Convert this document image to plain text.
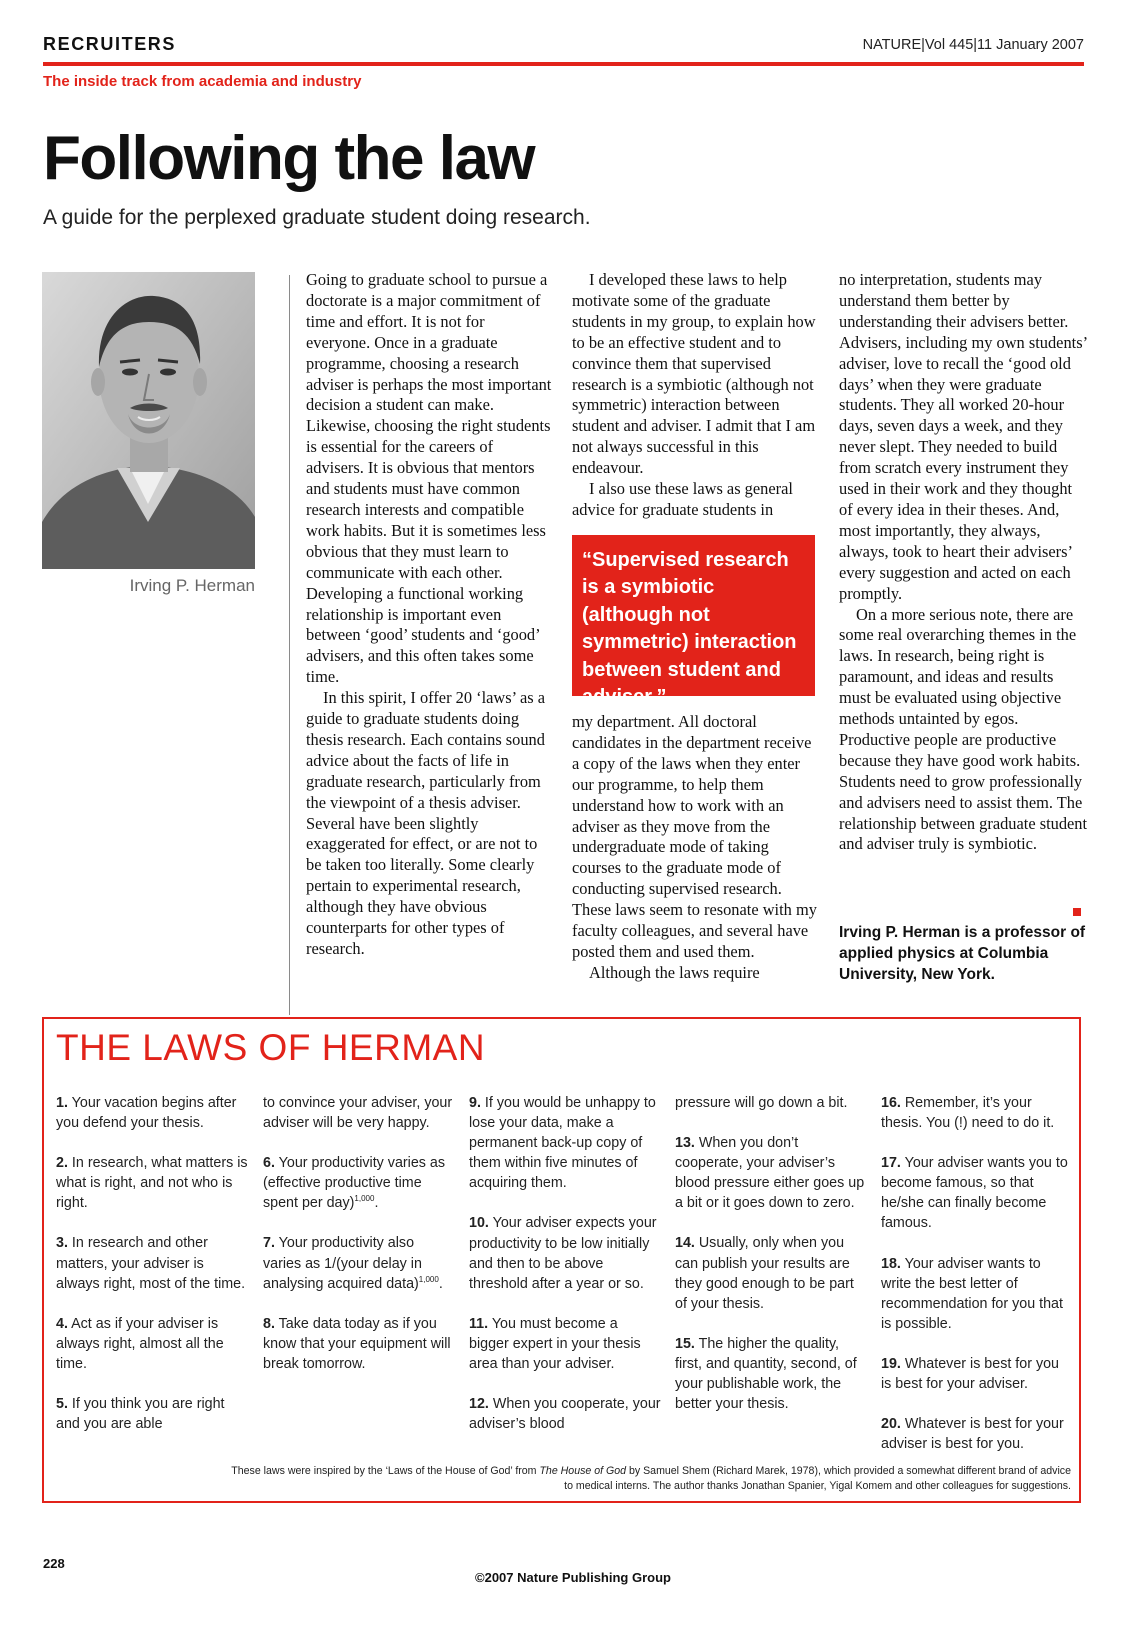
RECRUITERS	NATURE|Vol 445|11 January 2007
The inside track from academia and industry
Following the law
A guide for the perplexed graduate student doing research.
Irving P. Herman

Going to graduate school to pursue a doctorate is a major commitment of time and effort. It is not for everyone. Once in a graduate programme, choosing a research adviser is perhaps the most important decision a student can make. Likewise, choosing the right students is essential for the careers of advisers. It is obvious that mentors and students must have common research interests and compatible work habits. But it is sometimes less obvious that they must learn to communicate with each other. Developing a functional working relationship is important even between ‘good’ students and ‘good’ advisers, and this often takes some time.

In this spirit, I offer 20 ‘laws’ as a guide to graduate students doing thesis research. Each contains sound advice about the facts of life in graduate research, particularly from the viewpoint of a thesis adviser. Several have been slightly exaggerated for effect, or are not to be taken too literally. Some clearly pertain to experimental research, although they have obvious counterparts for other types of research.

I developed these laws to help motivate some of the graduate students in my group, to explain how to be an effective student and to convince them that supervised research is a symbiotic (although not symmetric) interaction between student and adviser. I admit that I am not always successful in this endeavour.

I also use these laws as general advice for graduate students in

“Supervised research is a symbiotic (although not symmetric) interaction between student and adviser.”

my department. All doctoral candidates in the department receive a copy of the laws when they enter our programme, to help them understand how to work with an adviser as they move from the undergraduate mode of taking courses to the graduate mode of conducting supervised research. These laws seem to resonate with my faculty colleagues, and several have posted them and used them.

Although the laws require

no interpretation, students may understand them better by understanding their advisers better. Advisers, including my own students’ adviser, love to recall the ‘good old days’ when they were graduate students. They all worked 20-hour days, seven days a week, and they never slept. They needed to build from scratch every instrument they used in their work and they thought of every idea in their theses. And, most importantly, they always, always, took to heart their advisers’ every suggestion and acted on each promptly.

On a more serious note, there are some real overarching themes in the laws. In research, being right is paramount, and ideas and results must be evaluated using objective methods untainted by egos. Productive people are productive because they have good work habits. Students need to grow professionally and advisers need to assist them. The relationship between graduate student and adviser truly is symbiotic.

Irving P. Herman is a professor of applied physics at Columbia University, New York.
THE LAWS OF HERMAN

1. Your vacation begins after you defend your thesis.

2. In research, what matters is what is right, and not who is right.

3. In research and other matters, your adviser is always right, most of the time.

4. Act as if your adviser is always right, almost all the time.

5. If you think you are right and you are able

to convince your adviser, your adviser will be very happy.

6. Your productivity varies as (effective productive time spent per day)$^{1,000}$.

7. Your productivity also varies as 1/(your delay in analysing acquired data)$^{1,000}$.

8. Take data today as if you know that your equipment will break tomorrow.

9. If you would be unhappy to lose your data, make a permanent back-up copy of them within five minutes of acquiring them.

10. Your adviser expects your productivity to be low initially and then to be above threshold after a year or so.

11. You must become a bigger expert in your thesis area than your adviser.

12. When you cooperate, your adviser’s blood

pressure will go down a bit.

13. When you don’t cooperate, your adviser’s blood pressure either goes up a bit or it goes down to zero.

14. Usually, only when you can publish your results are they good enough to be part of your thesis.

15. The higher the quality, first, and quantity, second, of your publishable work, the better your thesis.

16. Remember, it’s your thesis. You (!) need to do it.

17. Your adviser wants you to become famous, so that he/she can finally become famous.

18. Your adviser wants to write the best letter of recommendation for you that is possible.

19. Whatever is best for you is best for your adviser.

20. Whatever is best for your adviser is best for you.

These laws were inspired by the ‘Laws of the House of God’ from The House of God by Samuel Shem (Richard Marek, 1978), which provided a somewhat different brand of advice to medical interns. The author thanks Jonathan Spanier, Yigal Komem and other colleagues for suggestions.
228
©2007 Nature Publishing Group
